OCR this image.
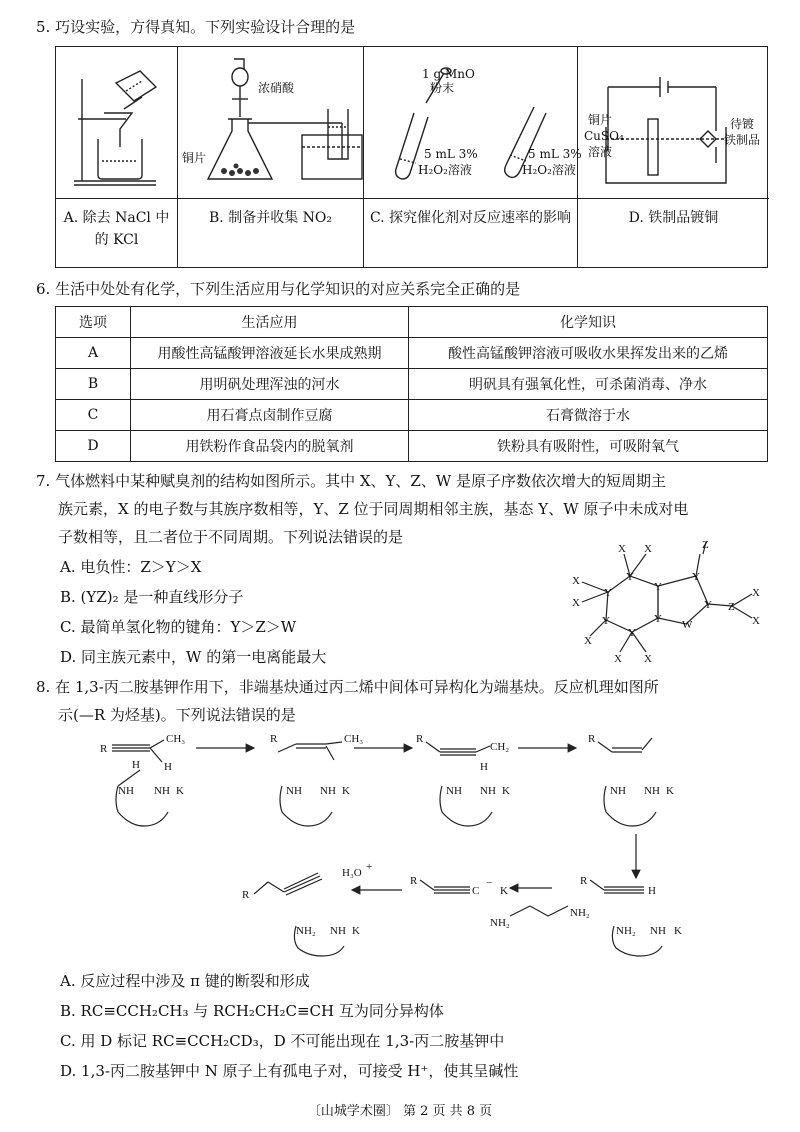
5. 巧设实验，方得真知。下列实验设计合理的是
A. 除去 NaCl 中的 KCl
浓硝酸
铜片
B. 制备并收集 NO₂
1 g MnO
粉末
5 mL 3%
H₂O₂溶液
5 mL 3%
H₂O₂溶液
C. 探究催化剂对反应速率的影响
铜片
CuSO₄
溶液
待镀
铁制品
D. 铁制品镀铜
6. 生活中处处有化学，下列生活应用与化学知识的对应关系完全正确的是
选项	生活应用	化学知识
A	用酸性高锰酸钾溶液延长水果成熟期	酸性高锰酸钾溶液可吸收水果挥发出来的乙烯
B	用明矾处理浑浊的河水	明矾具有强氧化性，可杀菌消毒、净水
C	用石膏点卤制作豆腐	石膏微溶于水
D	用铁粉作食品袋内的脱氧剂	铁粉具有吸附性，可吸附氧气
7. 气体燃料中某种赋臭剂的结构如图所示。其中 X、Y、Z、W 是原子序数依次增大的短周期主
族元素，X 的电子数与其族序数相等，Y、Z 位于同周期相邻主族，基态 Y、W 原子中未成对电
子数相等，且二者位于不同周期。下列说法错误的是
A. 电负性：Z＞Y＞X
B. (YZ)₂ 是一种直线形分子
C. 最简单氢化物的键角：Y＞Z＞W
D. 同主族元素中，W 的第一电离能最大
Y
Y
Y
Y
Y
Y
Y
Y
W
Z
Z
X
X
X
X
X X
X
X X
8. 在 1,3-丙二胺基钾作用下，非端基炔通过丙二烯中间体可异构化为端基炔。反应机理如图所
示(—R 为烃基)。下列说法错误的是
R
CH₃
H H
NH NH K
R	CH₃
NH NH K
R
CH₂
H
NH NH K
R
NH NH K
R
H
NH₂ NH K
R
C
−
K
NH₂
NH₂
H₃O +
R
NH₂ NH K
A. 反应过程中涉及 π 键的断裂和形成
B. RC≡CCH₂CH₃ 与 RCH₂CH₂C≡CH 互为同分异构体
C. 用 D 标记 RC≡CCH₂CD₃，D 不可能出现在 1,3-丙二胺基钾中
D. 1,3-丙二胺基钾中 N 原子上有孤电子对，可接受 H⁺，使其呈碱性
〔山城学术圈〕 第 2 页 共 8 页
